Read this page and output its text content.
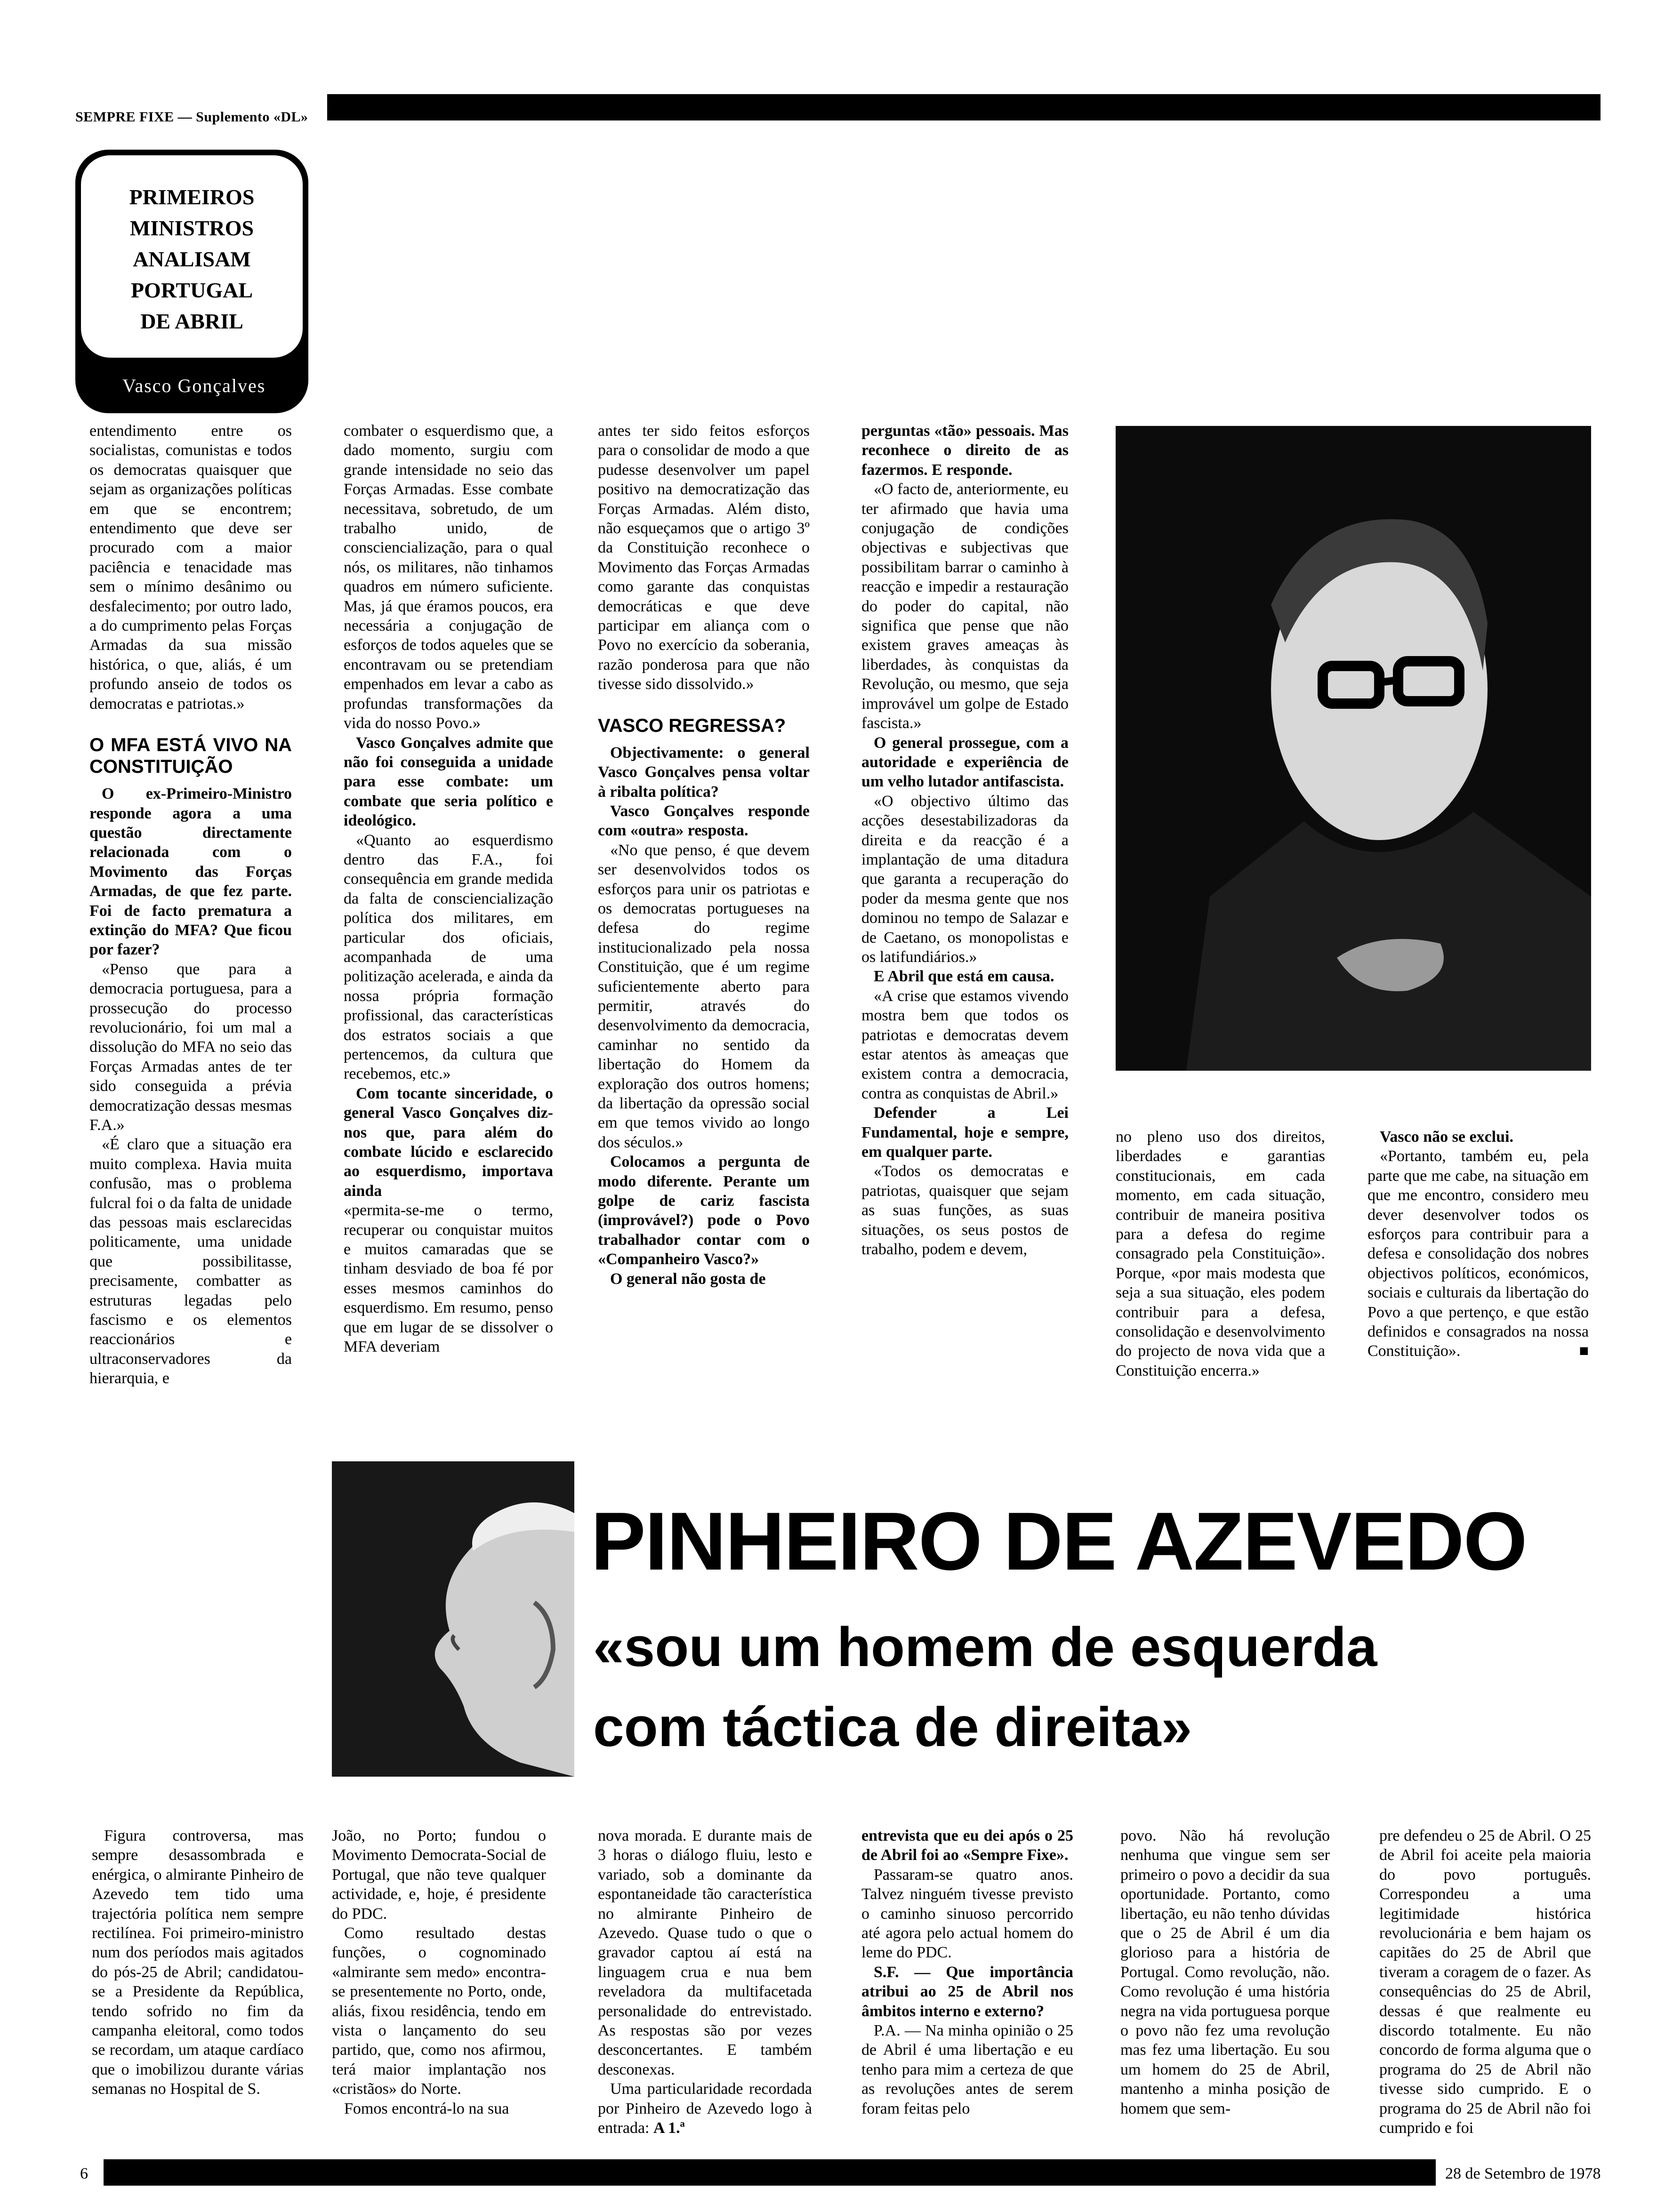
SEMPRE FIXE — Suplemento «DL»
PRIMEIROS
MINISTROS
ANALISAM
PORTUGAL
DE ABRIL
Vasco Gonçalves

entendimento entre os socialistas, comunistas e todos os democratas quaisquer que sejam as organizações políticas em que se encontrem; entendimento que deve ser procurado com a maior paciência e tenacidade mas sem o mínimo desânimo ou desfalecimento; por outro lado, a do cumprimento pelas Forças Armadas da sua missão histórica, o que, aliás, é um profundo anseio de todos os democratas e patriotas.»

O MFA ESTÁ VIVO NA CONSTITUIÇÃO

O ex-Primeiro-Ministro responde agora a uma questão directamente relacionada com o Movimento das Forças Armadas, de que fez parte. Foi de facto prematura a extinção do MFA? Que ficou por fazer?

«Penso que para a democracia portuguesa, para a prossecução do processo revolucionário, foi um mal a dissolução do MFA no seio das Forças Armadas antes de ter sido conseguida a prévia democratização dessas mesmas F.A.»

«É claro que a situação era muito complexa. Havia muita confusão, mas o problema fulcral foi o da falta de unidade das pessoas mais esclarecidas politicamente, uma unidade que possibilitasse, precisamente, combatter as estruturas legadas pelo fascismo e os elementos reaccionários e ultraconservadores da hierarquia, e

combater o esquerdismo que, a dado momento, surgiu com grande intensidade no seio das Forças Armadas. Esse combate necessitava, sobretudo, de um trabalho unido, de consciencialização, para o qual nós, os militares, não tinhamos quadros em número suficiente. Mas, já que éramos poucos, era necessária a conjugação de esforços de todos aqueles que se encontravam ou se pretendiam empenhados em levar a cabo as profundas transformações da vida do nosso Povo.»

Vasco Gonçalves admite que não foi conseguida a unidade para esse combate: um combate que seria político e ideológico.

«Quanto ao esquerdismo dentro das F.A., foi consequência em grande medida da falta de consciencialização política dos militares, em particular dos oficiais, acompanhada de uma politização acelerada, e ainda da nossa própria formação profissional, das características dos estratos sociais a que pertencemos, da cultura que recebemos, etc.»

Com tocante sinceridade, o general Vasco Gonçalves diz-nos que, para além do combate lúcido e esclarecido ao esquerdismo, importava ainda

«permita-se-me o termo, recuperar ou conquistar muitos e muitos camaradas que se tinham desviado de boa fé por esses mesmos caminhos do esquerdismo. Em resumo, penso que em lugar de se dissolver o MFA deveriam

antes ter sido feitos esforços para o consolidar de modo a que pudesse desenvolver um papel positivo na democratização das Forças Armadas. Além disto, não esqueçamos que o artigo 3º da Constituição reconhece o Movimento das Forças Armadas como garante das conquistas democráticas e que deve participar em aliança com o Povo no exercício da soberania, razão ponderosa para que não tivesse sido dissolvido.»

VASCO REGRESSA?

Objectivamente: o general Vasco Gonçalves pensa voltar à ribalta política?

Vasco Gonçalves responde com «outra» resposta.

«No que penso, é que devem ser desenvolvidos todos os esforços para unir os patriotas e os democratas portugueses na defesa do regime institucionalizado pela nossa Constituição, que é um regime suficientemente aberto para permitir, através do desenvolvimento da democracia, caminhar no sentido da libertação do Homem da exploração dos outros homens; da libertação da opressão social em que temos vivido ao longo dos séculos.»

Colocamos a pergunta de modo diferente. Perante um golpe de cariz fascista (improvável?) pode o Povo trabalhador contar com o «Companheiro Vasco?»

O general não gosta de

perguntas «tão» pessoais. Mas reconhece o direito de as fazermos. E responde.

«O facto de, anteriormente, eu ter afirmado que havia uma conjugação de condições objectivas e subjectivas que possibilitam barrar o caminho à reacção e impedir a restauração do poder do capital, não significa que pense que não existem graves ameaças às liberdades, às conquistas da Revolução, ou mesmo, que seja improvável um golpe de Estado fascista.»

O general prossegue, com a autoridade e experiência de um velho lutador antifascista.

«O objectivo último das acções desestabilizadoras da direita e da reacção é a implantação de uma ditadura que garanta a recuperação do poder da mesma gente que nos dominou no tempo de Salazar e de Caetano, os monopolistas e os latifundiários.»

E Abril que está em causa.

«A crise que estamos vivendo mostra bem que todos os patriotas e democratas devem estar atentos às ameaças que existem contra a democracia, contra as conquistas de Abril.»

Defender a Lei Fundamental, hoje e sempre, em qualquer parte.

«Todos os democratas e patriotas, quaisquer que sejam as suas funções, as suas situações, os seus postos de trabalho, podem e devem,

no pleno uso dos direitos, liberdades e garantias constitucionais, em cada momento, em cada situação, contribuir de maneira positiva para a defesa do regime consagrado pela Constituição». Porque, «por mais modesta que seja a sua situação, eles podem contribuir para a defesa, consolidação e desenvolvimento do projecto de nova vida que a Constituição encerra.»

Vasco não se exclui.

«Portanto, também eu, pela parte que me cabe, na situação em que me encontro, considero meu dever desenvolver todos os esforços para contribuir para a defesa e consolidação dos nobres objectivos políticos, económicos, sociais e culturais da libertação do Povo a que pertenço, e que estão definidos e consagrados na nossa Constituição».	■

PINHEIRO DE AZEVEDO
«sou um homem de esquerda
com táctica de direita»

Figura controversa, mas sempre desassombrada e enérgica, o almirante Pinheiro de Azevedo tem tido uma trajectória política nem sempre rectilínea. Foi primeiro-ministro num dos períodos mais agitados do pós-25 de Abril; candidatou-se a Presidente da República, tendo sofrido no fim da campanha eleitoral, como todos se recordam, um ataque cardíaco que o imobilizou durante várias semanas no Hospital de S.

João, no Porto; fundou o Movimento Democrata-Social de Portugal, que não teve qualquer actividade, e, hoje, é presidente do PDC.

Como resultado destas funções, o cognominado «almirante sem medo» encontra-se presentemente no Porto, onde, aliás, fixou residência, tendo em vista o lançamento do seu partido, que, como nos afirmou, terá maior implantação nos «cristãos» do Norte.

Fomos encontrá-lo na sua

nova morada. E durante mais de 3 horas o diálogo fluiu, lesto e variado, sob a dominante da espontaneidade tão característica no almirante Pinheiro de Azevedo. Quase tudo o que o gravador captou aí está na linguagem crua e nua bem reveladora da multifacetada personalidade do entrevistado. As respostas são por vezes desconcertantes. E também desconexas.

Uma particularidade recordada por Pinheiro de Azevedo logo à entrada: A 1.ª

entrevista que eu dei após o 25 de Abril foi ao «Sempre Fixe».

Passaram-se quatro anos. Talvez ninguém tivesse previsto o caminho sinuoso percorrido até agora pelo actual homem do leme do PDC.

S.F. — Que importância atribui ao 25 de Abril nos âmbitos interno e externo?

P.A. — Na minha opinião o 25 de Abril é uma libertação e eu tenho para mim a certeza de que as revoluções antes de serem foram feitas pelo

povo. Não há revolução nenhuma que vingue sem ser primeiro o povo a decidir da sua oportunidade. Portanto, como libertação, eu não tenho dúvidas que o 25 de Abril é um dia glorioso para a história de Portugal. Como revolução, não. Como revolução é uma história negra na vida portuguesa porque o povo não fez uma revolução mas fez uma libertação. Eu sou um homem do 25 de Abril, mantenho a minha posição de homem que sem-

pre defendeu o 25 de Abril. O 25 de Abril foi aceite pela maioria do povo português. Correspondeu a uma legitimidade histórica revolucionária e bem hajam os capitães do 25 de Abril que tiveram a coragem de o fazer. As consequências do 25 de Abril, dessas é que realmente eu discordo totalmente. Eu não concordo de forma alguma que o programa do 25 de Abril não tivesse sido cumprido. E o programa do 25 de Abril não foi cumprido e foi

6	28 de Setembro de 1978
